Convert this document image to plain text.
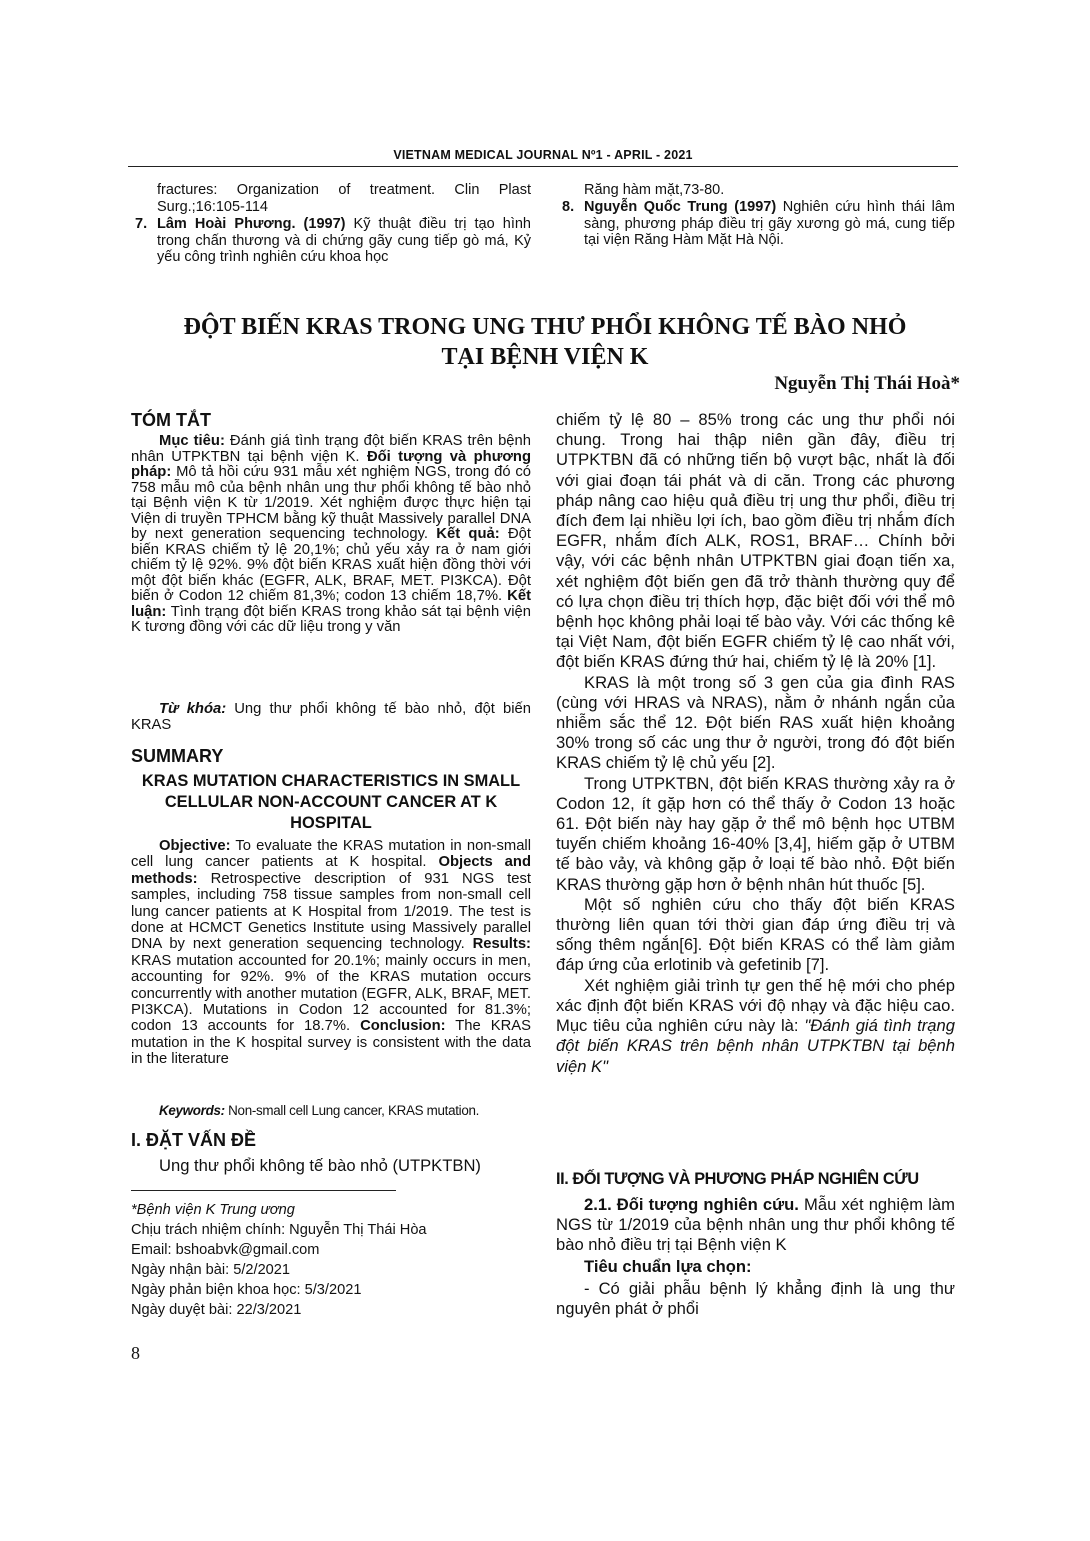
VIETNAM MEDICAL JOURNAL Nº1 - APRIL - 2021
fractures: Organization of treatment. Clin Plast Surg.;16:105-114
7. Lâm Hoài Phương. (1997) Kỹ thuật điều trị tạo hình trong chấn thương và di chứng gãy cung tiếp gò má, Kỷ yếu công trình nghiên cứu khoa học
Răng hàm mặt,73-80.
8. Nguyễn Quốc Trung (1997) Nghiên cứu hình thái lâm sàng, phương pháp điều trị gãy xương gò má, cung tiếp tại viện Răng Hàm Mặt Hà Nội.
ĐỘT BIẾN KRAS TRONG UNG THƯ PHỔI KHÔNG TẾ BÀO NHỎ
TẠI BỆNH VIỆN K
Nguyễn Thị Thái Hoà*
TÓM TẮT
Mục tiêu: Đánh giá tình trạng đột biến KRAS trên bệnh nhân UTPKTBN tại bệnh viện K. Đối tượng và phương pháp: Mô tả hồi cứu 931 mẫu xét nghiệm NGS, trong đó có 758 mẫu mô của bệnh nhân ung thư phổi không tế bào nhỏ tại Bệnh viện K từ 1/2019. Xét nghiệm được thực hiện tại Viện di truyền TPHCM bằng kỹ thuật Massively parallel DNA by next generation sequencing technology. Kết quả: Đột biến KRAS chiếm tỷ lệ 20,1%; chủ yếu xảy ra ở nam giới chiếm tỷ lệ 92%. 9% đột biến KRAS xuất hiện đồng thời với một đột biến khác (EGFR, ALK, BRAF, MET. PI3KCA). Đột biến ở Codon 12 chiếm 81,3%; codon 13 chiếm 18,7%. Kết luận: Tình trạng đột biến KRAS trong khảo sát tại bệnh viện K tương đồng với các dữ liệu trong y văn
Từ khóa: Ung thư phổi không tế bào nhỏ, đột biến KRAS
SUMMARY
KRAS MUTATION CHARACTERISTICS IN SMALL CELLULAR NON-ACCOUNT CANCER AT K HOSPITAL
Objective: To evaluate the KRAS mutation in non-small cell lung cancer patients at K hospital. Objects and methods: Retrospective description of 931 NGS test samples, including 758 tissue samples from non-small cell lung cancer patients at K Hospital from 1/2019. The test is done at HCMCT Genetics Institute using Massively parallel DNA by next generation sequencing technology. Results: KRAS mutation accounted for 20.1%; mainly occurs in men, accounting for 92%. 9% of the KRAS mutation occurs concurrently with another mutation (EGFR, ALK, BRAF, MET. PI3KCA). Mutations in Codon 12 accounted for 81.3%; codon 13 accounts for 18.7%. Conclusion: The KRAS mutation in the K hospital survey is consistent with the data in the literature
Keywords: Non-small cell Lung cancer, KRAS mutation.
I. ĐẶT VẤN ĐỀ
Ung thư phổi không tế bào nhỏ (UTPKTBN)
*Bệnh viện K Trung ương
Chịu trách nhiệm chính: Nguyễn Thị Thái Hòa
Email: bshoabvk@gmail.com
Ngày nhận bài: 5/2/2021
Ngày phản biện khoa học: 5/3/2021
Ngày duyệt bài: 22/3/2021
8
chiếm tỷ lệ 80 – 85% trong các ung thư phổi nói chung. Trong hai thập niên gần đây, điều trị UTPKTBN đã có những tiến bộ vượt bậc, nhất là đối với giai đoạn tái phát và di căn. Trong các phương pháp nâng cao hiệu quả điều trị ung thư phổi, điều trị đích đem lại nhiều lợi ích, bao gồm điều trị nhắm đích EGFR, nhắm đích ALK, ROS1, BRAF… Chính bởi vậy, với các bệnh nhân UTPKTBN giai đoạn tiến xa, xét nghiệm đột biến gen đã trở thành thường quy để có lựa chọn điều trị thích hợp, đặc biệt đối với thể mô bệnh học không phải loại tế bào vảy. Với các thống kê tại Việt Nam, đột biến EGFR chiếm tỷ lệ cao nhất với, đột biến KRAS đứng thứ hai, chiếm tỷ lệ là 20% [1].
KRAS là một trong số 3 gen của gia đình RAS (cùng với HRAS và NRAS), nằm ở nhánh ngắn của nhiễm sắc thể 12. Đột biến RAS xuất hiện khoảng 30% trong số các ung thư ở người, trong đó đột biến KRAS chiếm tỷ lệ chủ yếu [2].
Trong UTPKTBN, đột biến KRAS thường xảy ra ở Codon 12, ít gặp hơn có thể thấy ở Codon 13 hoặc 61. Đột biến này hay gặp ở thể mô bệnh học UTBM tuyến chiếm khoảng 16-40% [3,4], hiếm gặp ở UTBM tế bào vảy, và không gặp ở loại tế bào nhỏ. Đột biến KRAS thường gặp hơn ở bệnh nhân hút thuốc [5].
Một số nghiên cứu cho thấy đột biến KRAS thường liên quan tới thời gian đáp ứng điều trị và sống thêm ngắn[6]. Đột biến KRAS có thể làm giảm đáp ứng của erlotinib và gefetinib [7].
Xét nghiệm giải trình tự gen thế hệ mới cho phép xác định đột biến KRAS với độ nhạy và đặc hiệu cao. Mục tiêu của nghiên cứu này là: "Đánh giá tình trạng đột biến KRAS trên bệnh nhân UTPKTBN tại bệnh viện K"
II. ĐỐI TƯỢNG VÀ PHƯƠNG PHÁP NGHIÊN CỨU
2.1. Đối tượng nghiên cứu. Mẫu xét nghiệm làm NGS từ 1/2019 của bệnh nhân ung thư phổi không tế bào nhỏ điều trị tại Bệnh viện K
Tiêu chuẩn lựa chọn:
- Có giải phẫu bệnh lý khẳng định là ung thư nguyên phát ở phổi
